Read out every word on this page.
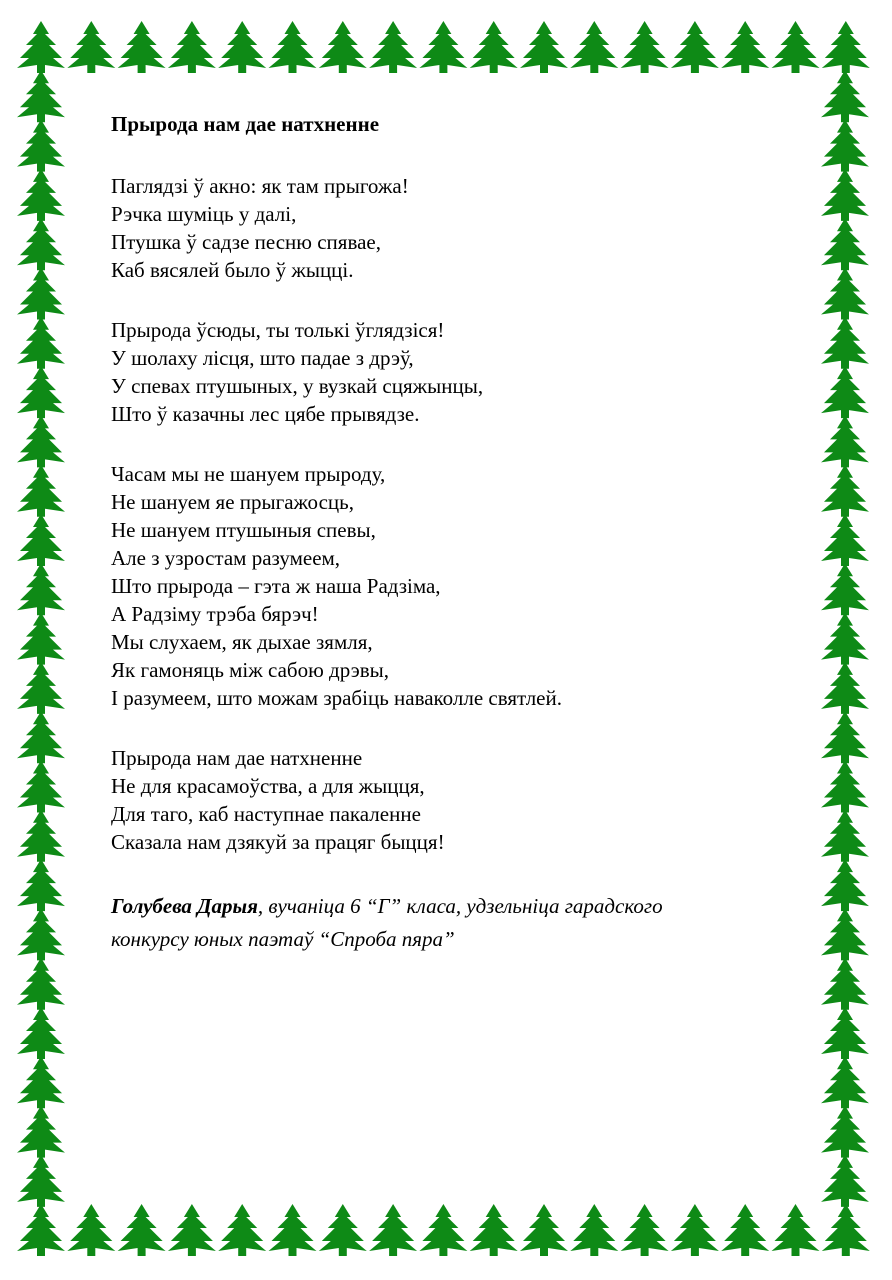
Прырода нам дае натхненне

Паглядзі ў акно: як там прыгожа!
Рэчка шуміць у далі,
Птушка ў садзе песню спявае,
Каб вясялей было ў жыцці.
Прырода ўсюды, ты толькі ўглядзіся!
У шолаху лісця, што падае з дрэў,
У спевах птушыных, у вузкай сцяжынцы,
Што ў казачны лес цябе прывядзе.
Часам мы не шануем прыроду,
Не шануем яе прыгажосць,
Не шануем птушыныя спевы,
Але з узростам разумеем,
Што прырода – гэта ж наша Радзіма,
А Радзіму трэба бярэч!
Мы слухаем, як дыхае зямля,
Як гамоняць між сабою дрэвы,
І разумеем, што можам зрабіць наваколле святлей.
Прырода нам дае натхненне
Не для красамоўства, а для жыцця,
Для таго, каб наступнае пакаленне
Сказала нам дзякуй за працяг быцця!
Голубева Дарыя, вучаніца 6 “Г” класа, удзельніца гарадского
конкурсу юных паэтаў “Спроба пяра”
